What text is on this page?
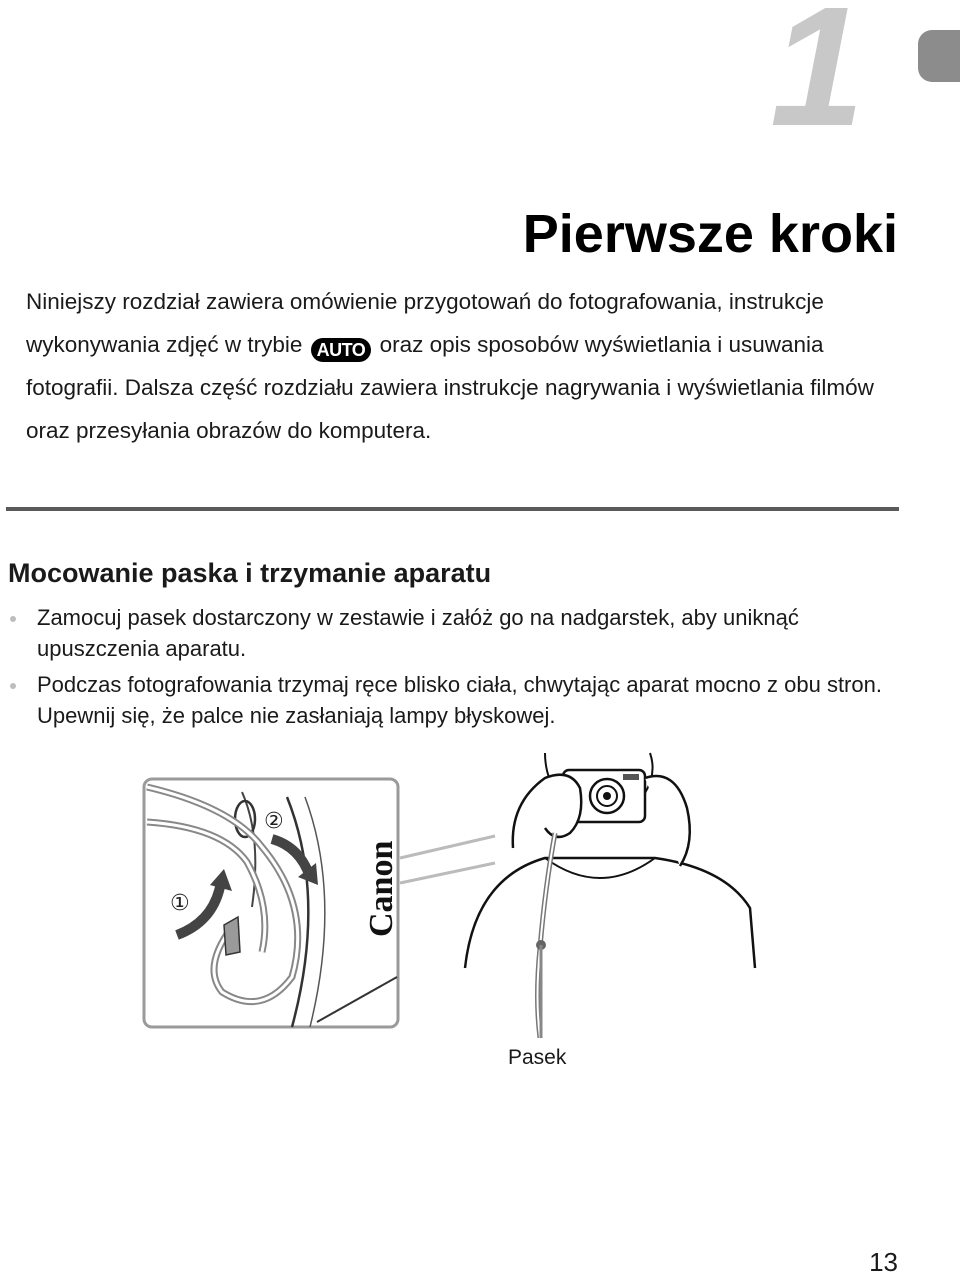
1
Pierwsze kroki

Niniejszy rozdział zawiera omówienie przygotowań do fotografowania, instrukcje wykonywania zdjęć w trybie AUTO oraz opis sposobów wyświetlania i usuwania fotografii. Dalsza część rozdziału zawiera instrukcje nagrywania i wyświetlania filmów oraz przesyłania obrazów do komputera.

Mocowanie paska i trzymanie aparatu
Zamocuj pasek dostarczony w zestawie i załóż go na nadgarstek, aby uniknąć upuszczenia aparatu.
Podczas fotografowania trzymaj ręce blisko ciała, chwytając aparat mocno z obu stron. Upewnij się, że palce nie zasłaniają lampy błyskowej.
①
②
Canon
Pasek
13
